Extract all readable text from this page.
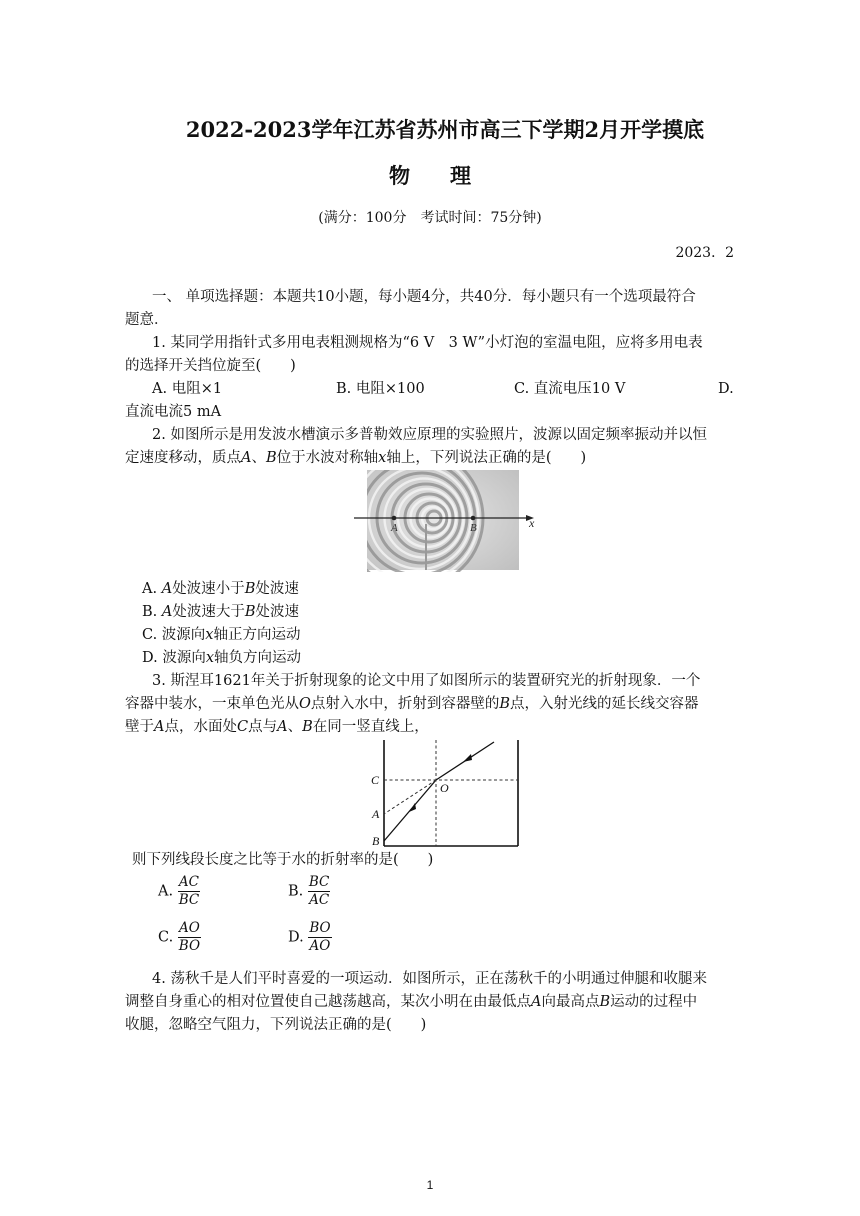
2022-2023学年江苏省苏州市高三下学期2月开学摸底
物理
(满分：100分　考试时间：75分钟)
2023．2
一、 单项选择题：本题共10小题，每小题4分，共40分．每小题只有一个选项最符合
题意．
1. 某同学用指针式多用电表粗测规格为“6 V　3 W”小灯泡的室温电阻，应将多用电表
的选择开关挡位旋至(　　)
A. 电阻×1	B. 电阻×100	C. 直流电压10 V	D.
直流电流5 mA
2. 如图所示是用发波水槽演示多普勒效应原理的实验照片，波源以固定频率振动并以恒
定速度移动，质点A、B位于水波对称轴x轴上，下列说法正确的是(　　)
A	B	x
A. A处波速小于B处波速
B. A处波速大于B处波速
C. 波源向x轴正方向运动
D. 波源向x轴负方向运动
3. 斯涅耳1621年关于折射现象的论文中用了如图所示的装置研究光的折射现象．一个
容器中装水，一束单色光从O点射入水中，折射到容器壁的B点，入射光线的延长线交容器
壁于A点，水面处C点与A、B在同一竖直线上，
C
A
B
O
则下列线段长度之比等于水的折射率的是(　　)
A. $\frac{AC}{BC}$	B. $\frac{BC}{AC}$
C. $\frac{AO}{BO}$	D. $\frac{BO}{AO}$
4. 荡秋千是人们平时喜爱的一项运动．如图所示，正在荡秋千的小明通过伸腿和收腿来
调整自身重心的相对位置使自己越荡越高，某次小明在由最低点A向最高点B运动的过程中
收腿，忽略空气阻力，下列说法正确的是(　　)
1
